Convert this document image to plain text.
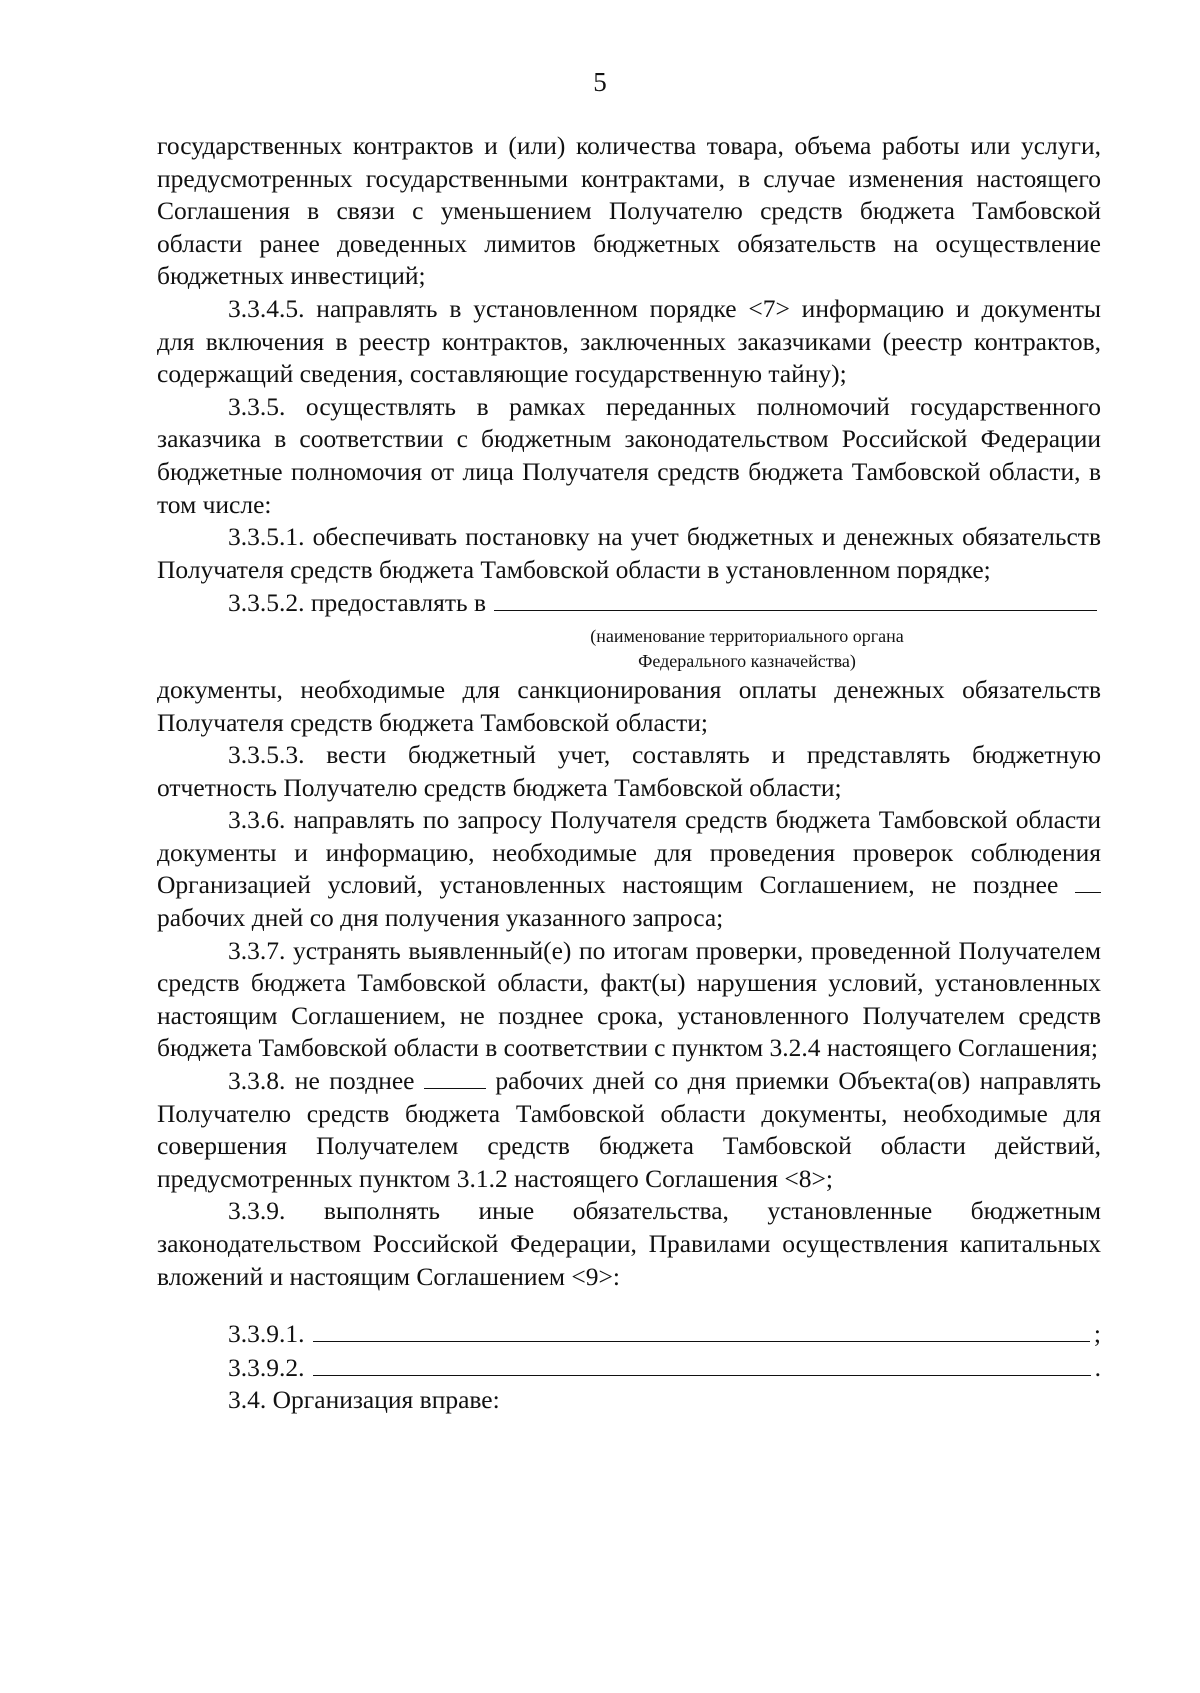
5

государственных контрактов и (или) количества товара, объема работы или услуги, предусмотренных государственными контрактами, в случае изменения настоящего Соглашения в связи с уменьшением Получателю средств бюджета Тамбовской области ранее доведенных лимитов бюджетных обязательств на осуществление бюджетных инвестиций;

3.3.4.5. направлять в установленном порядке <7> информацию и документы для включения в реестр контрактов, заключенных заказчиками (реестр контрактов, содержащий сведения, составляющие государственную тайну);

3.3.5. осуществлять в рамках переданных полномочий государственного заказчика в соответствии с бюджетным законодательством Российской Федерации бюджетные полномочия от лица Получателя средств бюджета Тамбовской области, в том числе:

3.3.5.1. обеспечивать постановку на учет бюджетных и денежных обязательств Получателя средств бюджета Тамбовской области в установленном порядке;

3.3.5.2. предоставлять в
(наименование территориального органа
Федерального казначейства)

документы, необходимые для санкционирования оплаты денежных обязательств Получателя средств бюджета Тамбовской области;

3.3.5.3. вести бюджетный учет, составлять и представлять бюджетную отчетность Получателю средств бюджета Тамбовской области;

3.3.6. направлять по запросу Получателя средств бюджета Тамбовской области документы и информацию, необходимые для проведения проверок соблюдения Организацией условий, установленных настоящим Соглашением, не позднее  рабочих дней со дня получения указанного запроса;

3.3.7. устранять выявленный(е) по итогам проверки, проведенной Получателем средств бюджета Тамбовской области, факт(ы) нарушения условий, установленных настоящим Соглашением, не позднее срока, установленного Получателем средств бюджета Тамбовской области в соответствии с пунктом 3.2.4 настоящего Соглашения;

3.3.8. не позднее	рабочих дней со дня приемки Объекта(ов) направлять Получателю средств бюджета Тамбовской области документы, необходимые для совершения Получателем средств бюджета Тамбовской области действий, предусмотренных пунктом 3.1.2 настоящего Соглашения <8>;

3.3.9. выполнять иные обязательства, установленные бюджетным законодательством Российской Федерации, Правилами осуществления капитальных вложений и настоящим Соглашением <9>:

3.3.9.1.	;
3.3.9.2.	.

3.4. Организация вправе:
